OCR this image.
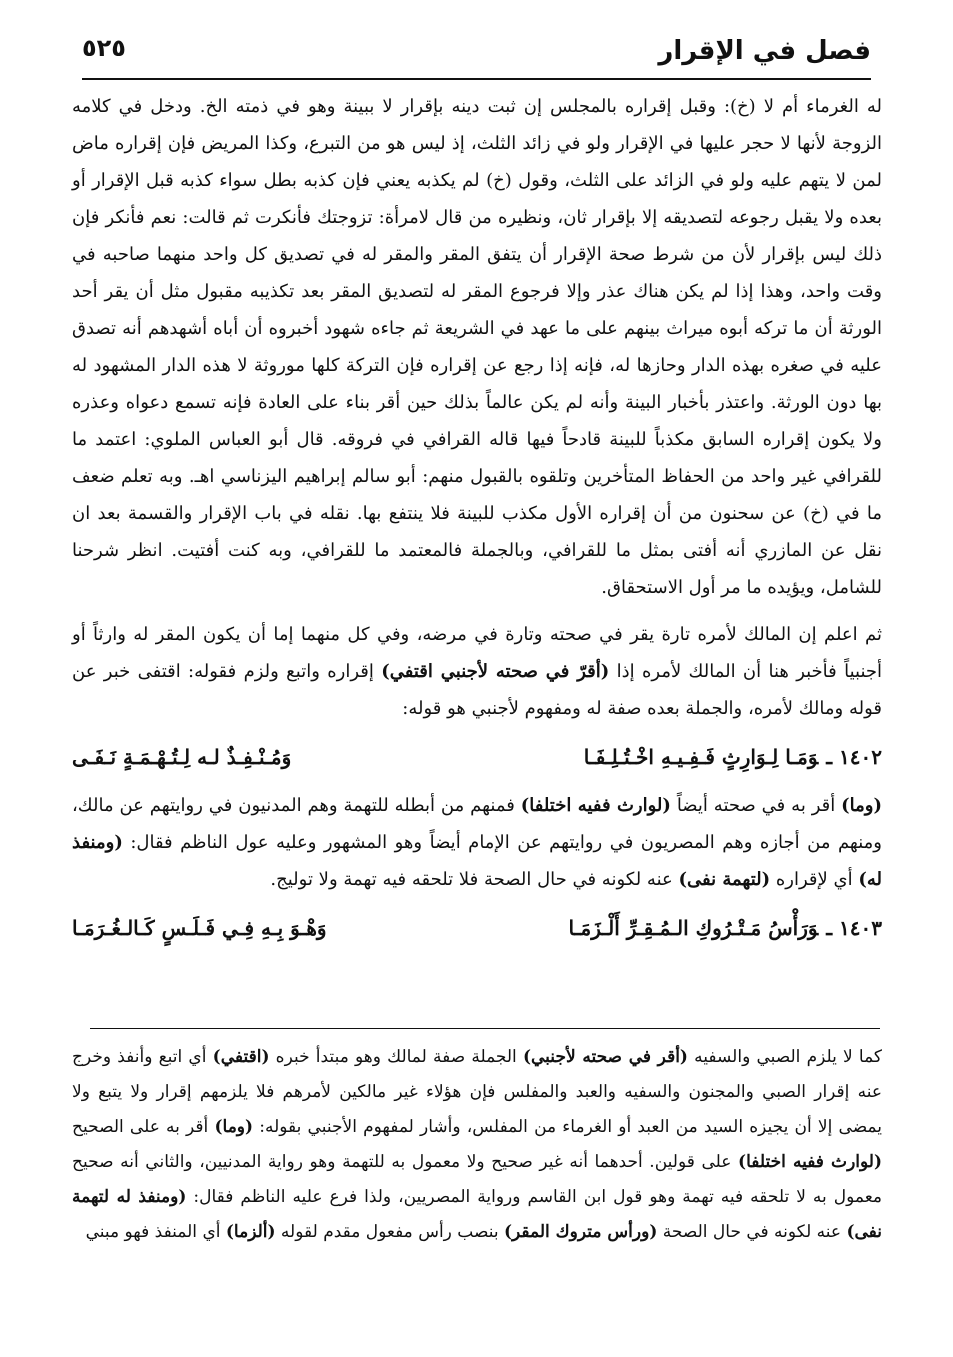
فصل في الإقرار
٥٢٥

له الغرماء أم لا (خ): وقبل إقراره بالمجلس إن ثبت دينه بإقرار لا ببينة وهو في ذمته الخ. ودخل في كلامه الزوجة لأنها لا حجر عليها في الإقرار ولو في زائد الثلث، إذ ليس هو من التبرع، وكذا المريض فإن إقراره ماض لمن لا يتهم عليه ولو في الزائد على الثلث، وقول (خ) لم يكذبه يعني فإن كذبه بطل سواء كذبه قبل الإقرار أو بعده ولا يقبل رجوعه لتصديقه إلا بإقرار ثان، ونظيره من قال لامرأة: تزوجتك فأنكرت ثم قالت: نعم فأنكر فإن ذلك ليس بإقرار لأن من شرط صحة الإقرار أن يتفق المقر والمقر له في تصديق كل واحد منهما صاحبه في وقت واحد، وهذا إذا لم يكن هناك عذر وإلا فرجوع المقر له لتصديق المقر بعد تكذيبه مقبول مثل أن يقر أحد الورثة أن ما تركه أبوه ميراث بينهم على ما عهد في الشريعة ثم جاءه شهود أخبروه أن أباه أشهدهم أنه تصدق عليه في صغره بهذه الدار وحازها له، فإنه إذا رجع عن إقراره فإن التركة كلها موروثة لا هذه الدار المشهود له بها دون الورثة. واعتذر بأخبار البينة وأنه لم يكن عالماً بذلك حين أقر بناء على العادة فإنه تسمع دعواه وعذره ولا يكون إقراره السابق مكذباً للبينة قادحاً فيها قاله القرافي في فروقه. قال أبو العباس الملوي: اعتمد ما للقرافي غير واحد من الحفاظ المتأخرين وتلقوه بالقبول منهم: أبو سالم إبراهيم اليزناسي اهـ. وبه تعلم ضعف ما في (خ) عن سحنون من أن إقراره الأول مكذب للبينة فلا ينتفع بها. نقله في باب الإقرار والقسمة بعد ان نقل عن المازري أنه أفتى بمثل ما للقرافي، وبالجملة فالمعتمد ما للقرافي، وبه كنت أفتيت. انظر شرحنا للشامل، ويؤيده ما مر أول الاستحقاق.

ثم اعلم إن المالك لأمره تارة يقر في صحته وتارة في مرضه، وفي كل منهما إما أن يكون المقر له وارثاً أو أجنبياً فأخبر هنا أن المالك لأمره إذا (أقرّ في صحته لأجنبي اقتفي) إقراره واتبع ولزم فقوله: اقتفى خبر عن قوله ومالك لأمره، والجملة بعده صفة له ومفهوم لأجنبي هو قوله:

١٤٠٢ ـوَمَـا لِـوَارِثٍ فَـفِـيـهِ اخْـتُـلِـفَـا
وَمُـنْـفِـذٌ لـه لِـتُـهْـمَـةٍ نَـفَـى

(وما) أقر به في صحته أيضاً (لوارث ففيه اختلفا) فمنهم من أبطله للتهمة وهم المدنيون في روايتهم عن مالك، ومنهم من أجازه وهم المصريون في روايتهم عن الإمام أيضاً وهو المشهور وعليه عول الناظم فقال: (ومنفذ له) أي لإقراره (لتهمة نفى) عنه لكونه في حال الصحة فلا تلحقه فيه تهمة ولا توليج.

١٤٠٣ ـوَرَأْسُ مَـتْـرُوكِ الـمُـقِـرِّ أَلْـزَمَـا
وَهْـوَ بِـهِ فِـي فَـلَـسٍ كَـالـغُـرَمَـا
كما لا يلزم الصبي والسفيه (أقر في صحته لأجنبي) الجملة صفة لمالك وهو مبتدأ خبره (اقتفي) أي اتبع وأنفذ وخرج عنه إقرار الصبي والمجنون والسفيه والعبد والمفلس فإن هؤلاء غير مالكين لأمرهم فلا يلزمهم إقرار ولا يتبع ولا يمضى إلا أن يجيزه السيد من العبد أو الغرماء من المفلس، وأشار لمفهوم الأجنبي بقوله: (وما) أقر به على الصحيح (لوارث ففيه اختلفا) على قولين. أحدهما أنه غير صحيح ولا معمول به للتهمة وهو رواية المدنيين، والثاني أنه صحيح معمول به لا تلحقه فيه تهمة وهو قول ابن القاسم ورواية المصريين، ولذا فرع عليه الناظم فقال: (ومنفذ له لتهمة نفى) عنه لكونه في حال الصحة (ورأس متروك المقر) بنصب رأس مفعول مقدم لقوله (ألزما) أي المنفذ فهو مبني
